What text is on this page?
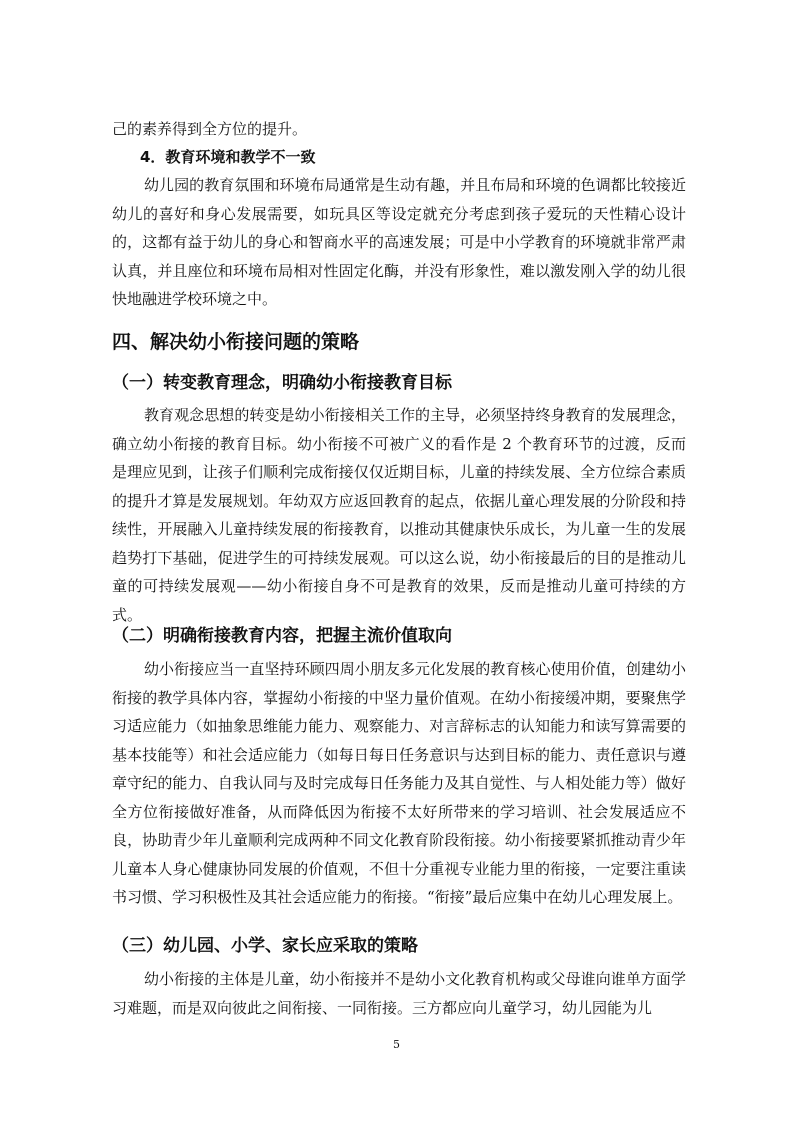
己的素养得到全方位的提升。

4．教育环境和教学不一致

幼儿园的教育氛围和环境布局通常是生动有趣，并且布局和环境的色调都比较接近幼儿的喜好和身心发展需要，如玩具区等设定就充分考虑到孩子爱玩的天性精心设计的，这都有益于幼儿的身心和智商水平的高速发展；可是中小学教育的环境就非常严肃认真，并且座位和环境布局相对性固定化酶，并没有形象性，难以激发刚入学的幼儿很快地融进学校环境之中。

四、解决幼小衔接问题的策略

（一）转变教育理念，明确幼小衔接教育目标

教育观念思想的转变是幼小衔接相关工作的主导，必须坚持终身教育的发展理念，确立幼小衔接的教育目标。幼小衔接不可被广义的看作是 2 个教育环节的过渡，反而是理应见到，让孩子们顺利完成衔接仅仅近期目标，儿童的持续发展、全方位综合素质的提升才算是发展规划。年幼双方应返回教育的起点，依据儿童心理发展的分阶段和持续性，开展融入儿童持续发展的衔接教育，以推动其健康快乐成长，为儿童一生的发展趋势打下基础，促进学生的可持续发展观。可以这么说，幼小衔接最后的目的是推动儿童的可持续发展观——幼小衔接自身不可是教育的效果，反而是推动儿童可持续的方式。

（二）明确衔接教育内容，把握主流价值取向

幼小衔接应当一直坚持环顾四周小朋友多元化发展的教育核心使用价值，创建幼小衔接的教学具体内容，掌握幼小衔接的中坚力量价值观。在幼小衔接缓冲期，要聚焦学习适应能力（如抽象思维能力能力、观察能力、对言辞标志的认知能力和读写算需要的基本技能等）和社会适应能力（如每日每日任务意识与达到目标的能力、责任意识与遵章守纪的能力、自我认同与及时完成每日任务能力及其自觉性、与人相处能力等）做好全方位衔接做好准备，从而降低因为衔接不太好所带来的学习培训、社会发展适应不良，协助青少年儿童顺利完成两种不同文化教育阶段衔接。幼小衔接要紧抓推动青少年儿童本人身心健康协同发展的价值观，不但十分重视专业能力里的衔接，一定要注重读书习惯、学习积极性及其社会适应能力的衔接。“衔接”最后应集中在幼儿心理发展上。

（三）幼儿园、小学、家长应采取的策略

幼小衔接的主体是儿童，幼小衔接并不是幼小文化教育机构或父母谁向谁单方面学习难题，而是双向彼此之间衔接、一同衔接。三方都应向儿童学习，幼儿园能为儿

5
